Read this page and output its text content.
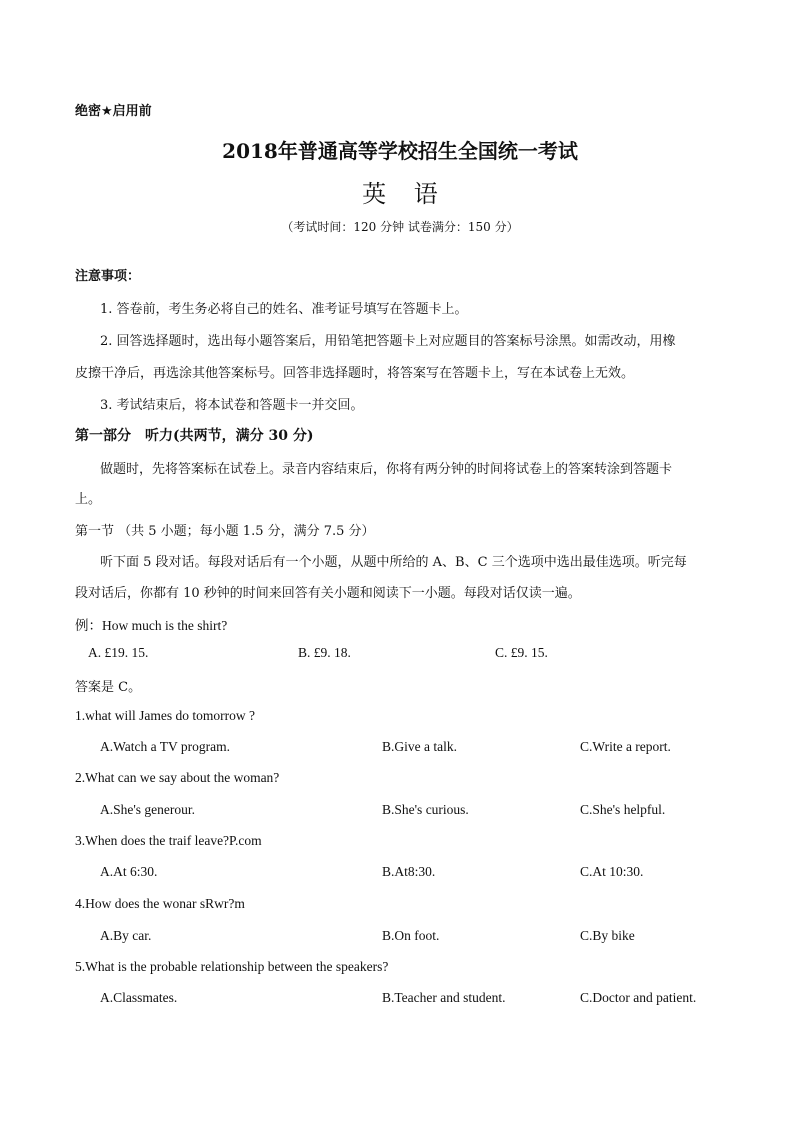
绝密★启用前
2018年普通高等学校招生全国统一考试
英 语
（考试时间：120 分钟 试卷满分：150 分）
注意事项：
1. 答卷前，考生务必将自己的姓名、准考证号填写在答题卡上。
2. 回答选择题时，选出每小题答案后，用铅笔把答题卡上对应题目的答案标号涂黑。如需改动，用橡
皮擦干净后，再选涂其他答案标号。回答非选择题时，将答案写在答题卡上，写在本试卷上无效。
3. 考试结束后，将本试卷和答题卡一并交回。
第一部分　听力(共两节，满分 30 分)
做题时，先将答案标在试卷上。录音内容结束后，你将有两分钟的时间将试卷上的答案转涂到答题卡
上。
第一节 （共 5 小题；每小题 1.5 分，满分 7.5 分）
听下面 5 段对话。每段对话后有一个小题，从题中所给的 A、B、C 三个选项中选出最佳选项。听完每
段对话后，你都有 10 秒钟的时间来回答有关小题和阅读下一小题。每段对话仅读一遍。
例：How much is the shirt?
A. £19. 15.	B. £9. 18.	C. £9. 15.
答案是 C。
1.what will James do tomorrow ?
A.Watch a TV program.	B.Give a talk.	C.Write a report.
2.What can we say about the woman?
A.She's generour.	B.She's curious.	C.She's helpful.
3.When does the traif leave?P.com
A.At 6:30.	B.At8:30.	C.At 10:30.
4.How does the wonar sRwr?m
A.By car.	B.On foot.	C.By bike
5.What is the probable relationship between the speakers?
A.Classmates.	B.Teacher and student.	C.Doctor and patient.
